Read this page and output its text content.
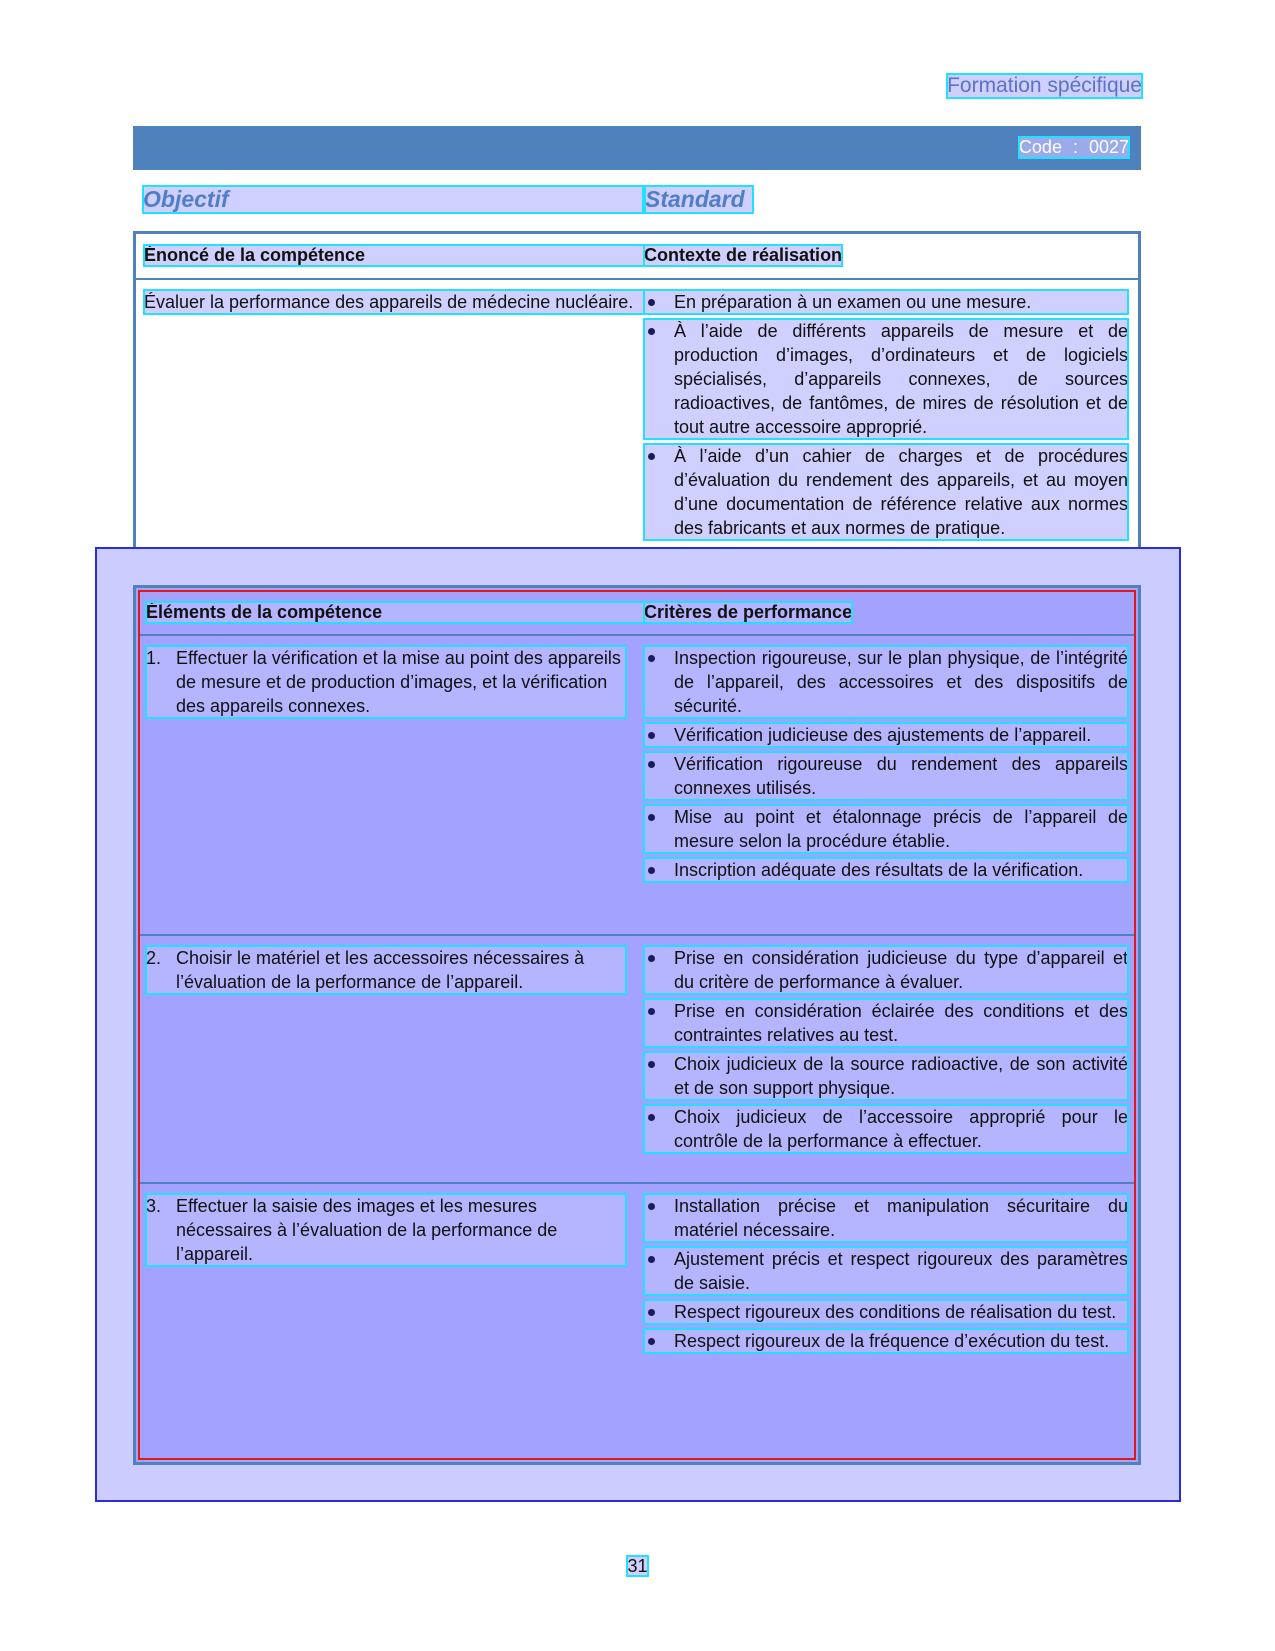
Formation spécifique
Code : 0027
Objectif	Standard
Énoncé de la compétence	Contexte de réalisation
Évaluer la performance des appareils de médecine nucléaire.	En préparation à un examen ou une mesure.
À l’aide de différents appareils de mesure et de production d’images, d’ordinateurs et de logiciels spécialisés, d’appareils connexes, de sources radioactives, de fantômes, de mires de résolution et de tout autre accessoire approprié.
À l’aide d’un cahier de charges et de procédures d’évaluation du rendement des appareils, et au moyen d’une documentation de référence relative aux normes des fabricants et aux normes de pratique.
Éléments de la compétence	Critères de performance
1. Effectuer la vérification et la mise au point des appareils de mesure et de production d’images, et la vérification des appareils connexes.
Inspection rigoureuse, sur le plan physique, de l’intégrité de l’appareil, des accessoires et des dispositifs de sécurité.
Vérification judicieuse des ajustements de l’appareil.
Vérification rigoureuse du rendement des appareils connexes utilisés.
Mise au point et étalonnage précis de l’appareil de mesure selon la procédure établie.
Inscription adéquate des résultats de la vérification.
2. Choisir le matériel et les accessoires nécessaires à l’évaluation de la performance de l’appareil.
Prise en considération judicieuse du type d’appareil et du critère de performance à évaluer.
Prise en considération éclairée des conditions et des contraintes relatives au test.
Choix judicieux de la source radioactive, de son activité et de son support physique.
Choix judicieux de l’accessoire approprié pour le contrôle de la performance à effectuer.
3. Effectuer la saisie des images et les mesures nécessaires à l’évaluation de la performance de l’appareil.
Installation précise et manipulation sécuritaire du matériel nécessaire.
Ajustement précis et respect rigoureux des paramètres de saisie.
Respect rigoureux des conditions de réalisation du test.
Respect rigoureux de la fréquence d’exécution du test.
31
